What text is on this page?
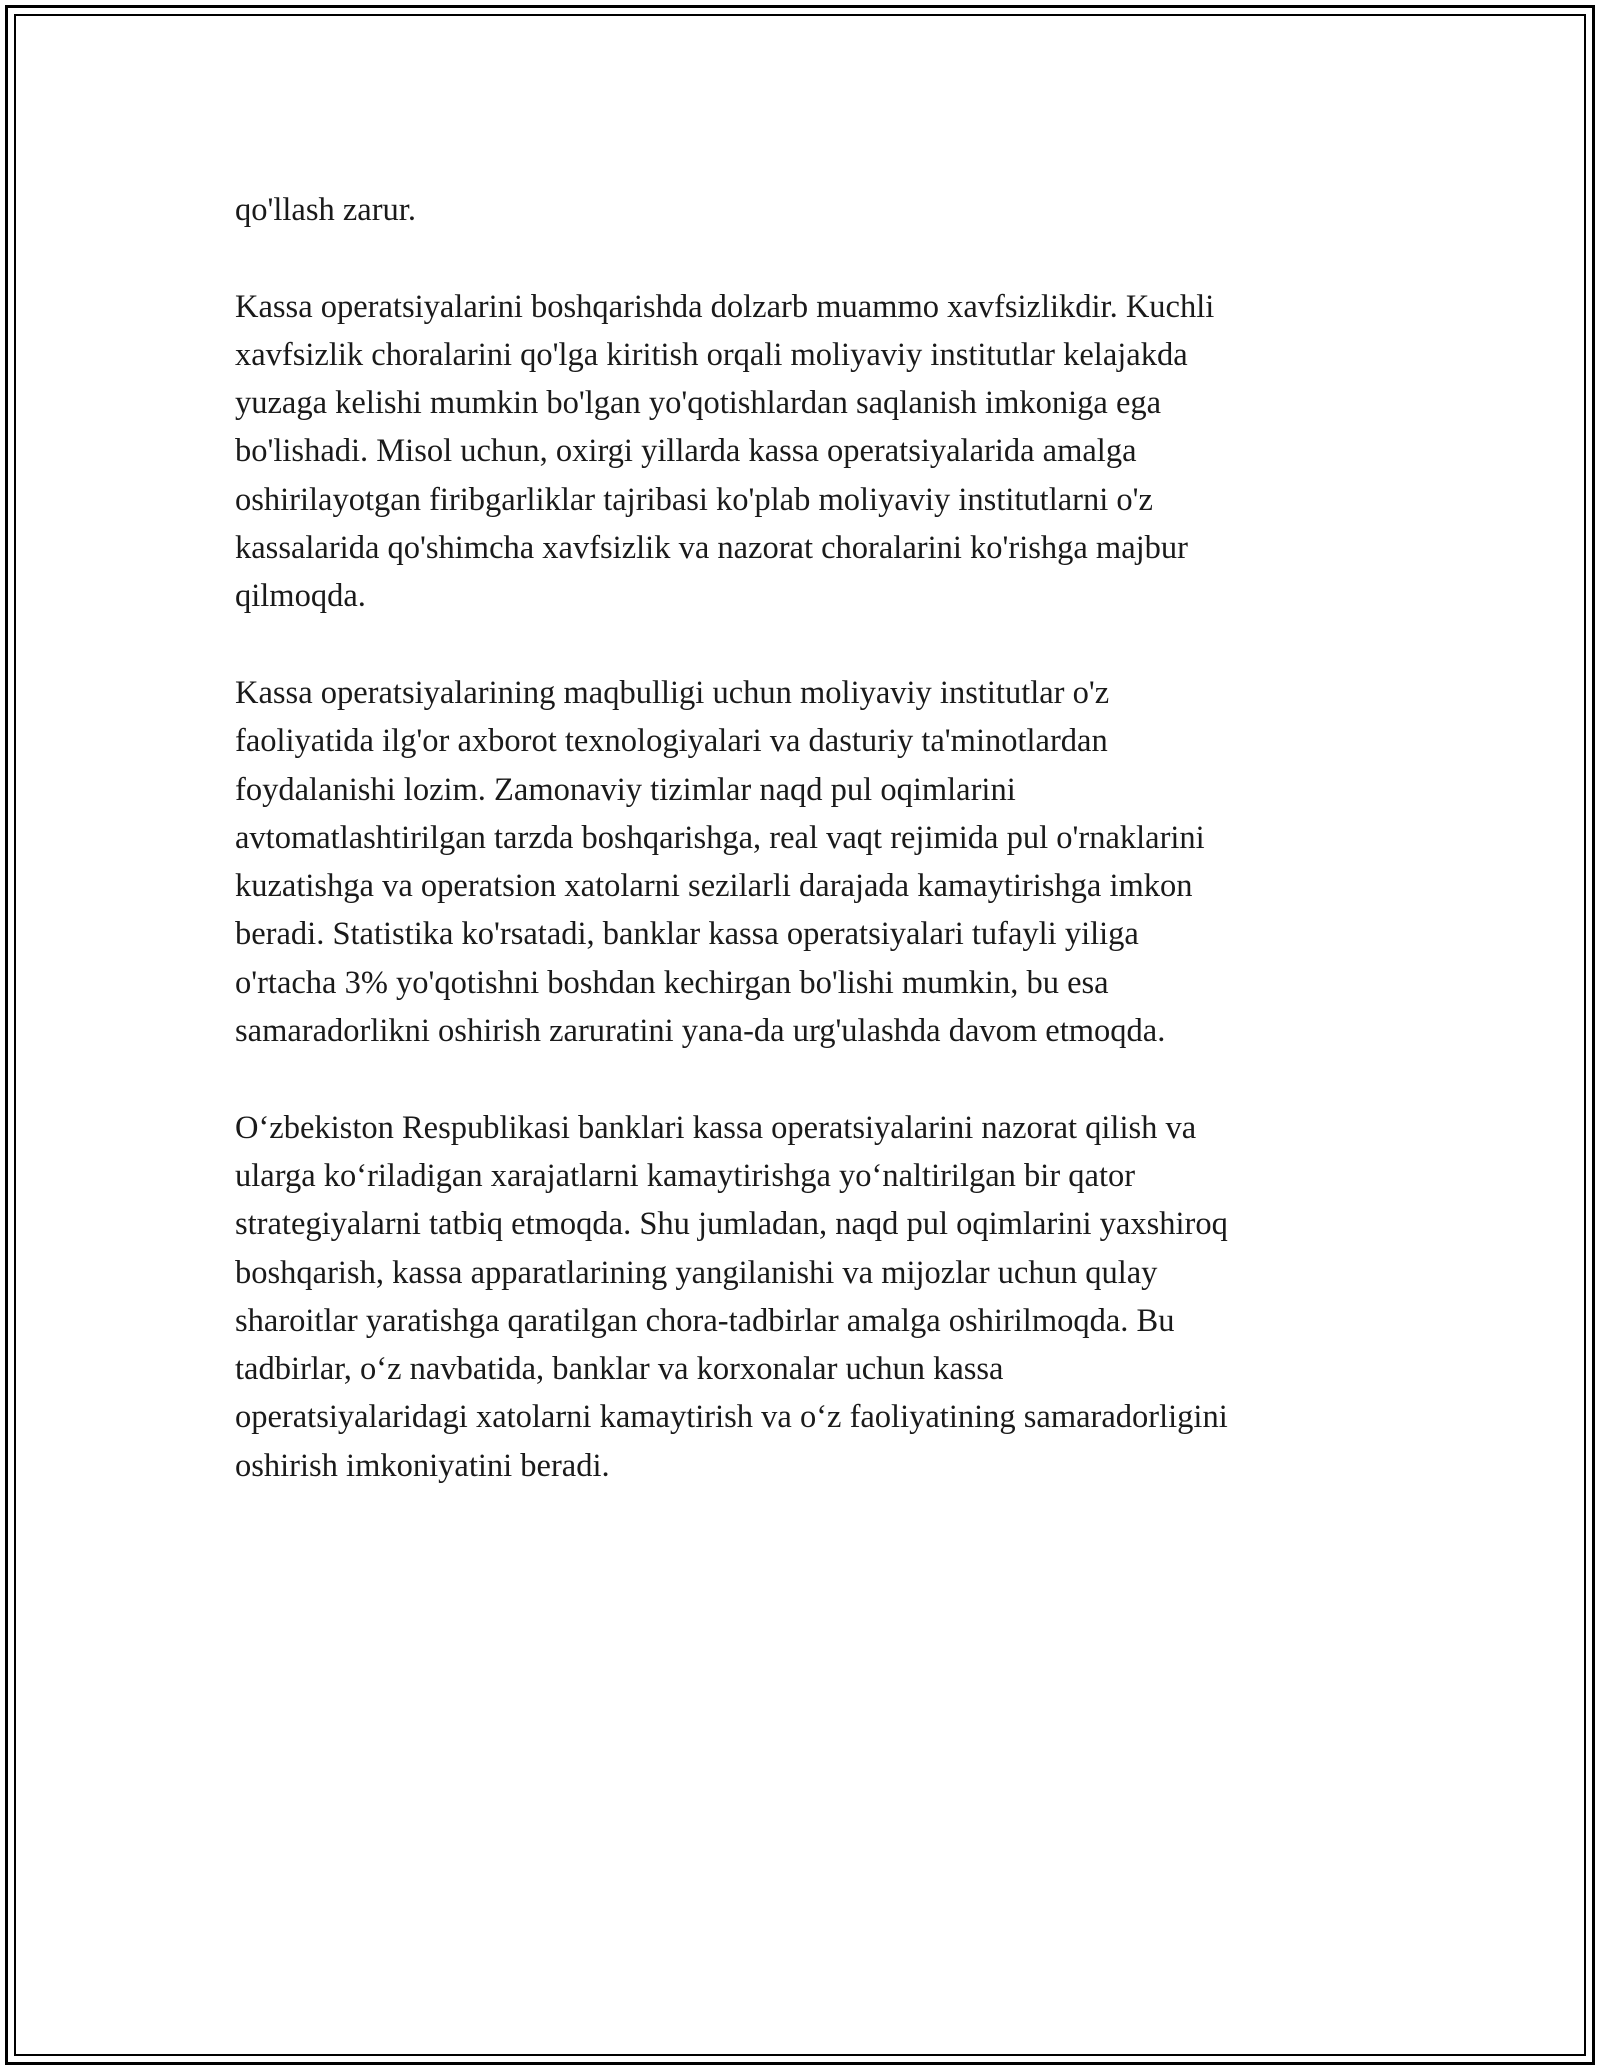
qo'llash zarur.

Kassa operatsiyalarini boshqarishda dolzarb muammo xavfsizlikdir. Kuchli
xavfsizlik choralarini qo'lga kiritish orqali moliyaviy institutlar kelajakda
yuzaga kelishi mumkin bo'lgan yo'qotishlardan saqlanish imkoniga ega
bo'lishadi. Misol uchun, oxirgi yillarda kassa operatsiyalarida amalga
oshirilayotgan firibgarliklar tajribasi ko'plab moliyaviy institutlarni o'z
kassalarida qo'shimcha xavfsizlik va nazorat choralarini ko'rishga majbur
qilmoqda.

Kassa operatsiyalarining maqbulligi uchun moliyaviy institutlar o'z
faoliyatida ilg'or axborot texnologiyalari va dasturiy ta'minotlardan
foydalanishi lozim. Zamonaviy tizimlar naqd pul oqimlarini
avtomatlashtirilgan tarzda boshqarishga, real vaqt rejimida pul o'rnaklarini
kuzatishga va operatsion xatolarni sezilarli darajada kamaytirishga imkon
beradi. Statistika ko'rsatadi, banklar kassa operatsiyalari tufayli yiliga
o'rtacha 3% yo'qotishni boshdan kechirgan bo'lishi mumkin, bu esa
samaradorlikni oshirish zaruratini yana-da urg'ulashda davom etmoqda.

O‘zbekiston Respublikasi banklari kassa operatsiyalarini nazorat qilish va
ularga ko‘riladigan xarajatlarni kamaytirishga yo‘naltirilgan bir qator
strategiyalarni tatbiq etmoqda. Shu jumladan, naqd pul oqimlarini yaxshiroq
boshqarish, kassa apparatlarining yangilanishi va mijozlar uchun qulay
sharoitlar yaratishga qaratilgan chora-tadbirlar amalga oshirilmoqda. Bu
tadbirlar, o‘z navbatida, banklar va korxonalar uchun kassa
operatsiyalaridagi xatolarni kamaytirish va o‘z faoliyatining samaradorligini
oshirish imkoniyatini beradi.
